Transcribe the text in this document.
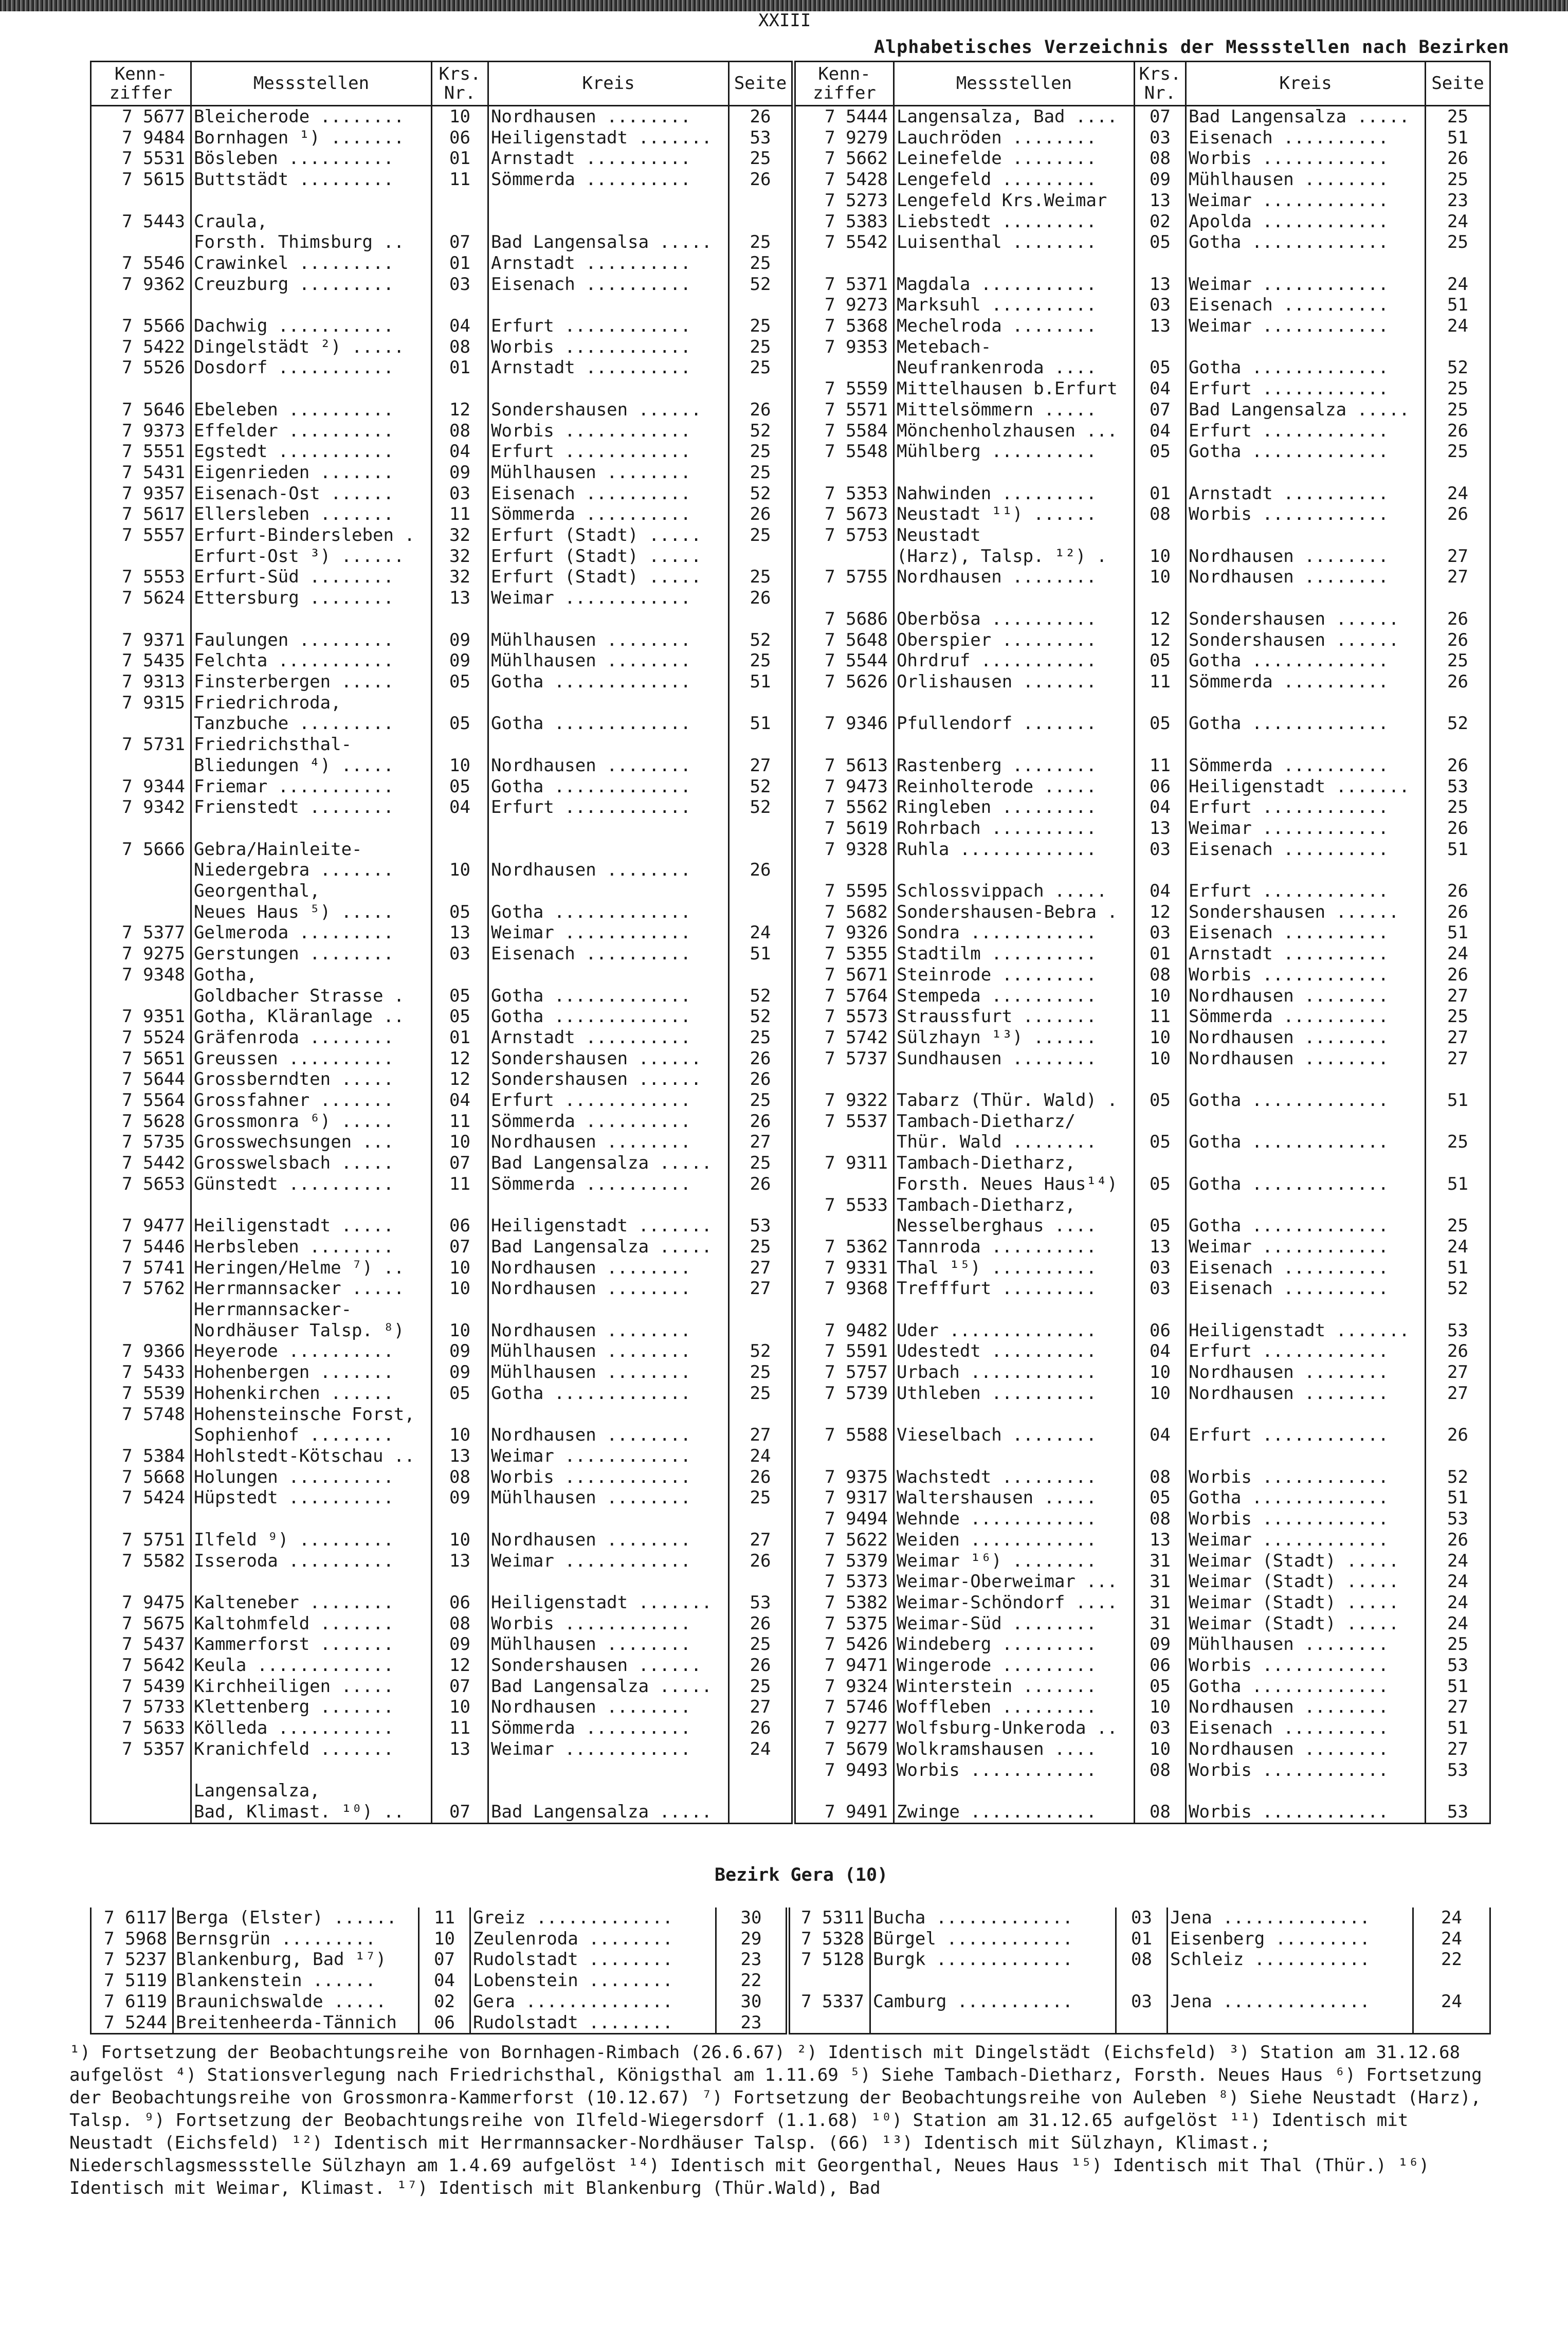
XXIII
Alphabetisches Verzeichnis der Messstellen nach Bezirken
Kenn-ziffer	Messstellen	Krs. Nr.	Kreis	Seite	Kenn-ziffer	Messstellen	Krs. Nr.	Kreis	Seite
7 5677	Bleicherode ........	10	Nordhausen ........	26	7 5444	Langensalza, Bad ....	07	Bad Langensalza .....	25
7 9484	Bornhagen ¹) .......	06	Heiligenstadt .......	53	7 9279	Lauchröden ........	03	Eisenach ..........	51
7 5531	Bösleben ..........	01	Arnstadt ..........	25	7 5662	Leinefelde ........	08	Worbis ............	26
7 5615	Buttstädt .........	11	Sömmerda ..........	26	7 5428	Lengefeld .........	09	Mühlhausen ........	25
					7 5273	Lengefeld Krs.Weimar	13	Weimar ............	23
7 5443	Craula,				7 5383	Liebstedt .........	02	Apolda ............	24
	Forsth. Thimsburg ..	07	Bad Langensalsa .....	25	7 5542	Luisenthal ........	05	Gotha .............	25
7 5546	Crawinkel .........	01	Arnstadt ..........	25					
7 9362	Creuzburg .........	03	Eisenach ..........	52	7 5371	Magdala ...........	13	Weimar ............	24
					7 9273	Marksuhl ..........	03	Eisenach ..........	51
7 5566	Dachwig ...........	04	Erfurt ............	25	7 5368	Mechelroda ........	13	Weimar ............	24
7 5422	Dingelstädt ²) .....	08	Worbis ............	25	7 9353	Metebach-			
7 5526	Dosdorf ...........	01	Arnstadt ..........	25		Neufrankenroda ....	05	Gotha .............	52
					7 5559	Mittelhausen b.Erfurt	04	Erfurt ............	25
7 5646	Ebeleben ..........	12	Sondershausen ......	26	7 5571	Mittelsömmern .....	07	Bad Langensalza .....	25
7 9373	Effelder ..........	08	Worbis ............	52	7 5584	Mönchenholzhausen ...	04	Erfurt ............	26
7 5551	Egstedt ...........	04	Erfurt ............	25	7 5548	Mühlberg ..........	05	Gotha .............	25
7 5431	Eigenrieden .......	09	Mühlhausen ........	25					
7 9357	Eisenach-Ost ......	03	Eisenach ..........	52	7 5353	Nahwinden .........	01	Arnstadt ..........	24
7 5617	Ellersleben .......	11	Sömmerda ..........	26	7 5673	Neustadt ¹¹) ......	08	Worbis ............	26
7 5557	Erfurt-Bindersleben .	32	Erfurt (Stadt) .....	25	7 5753	Neustadt			
	Erfurt-Ost ³) ......	32	Erfurt (Stadt) .....			(Harz), Talsp. ¹²) .	10	Nordhausen ........	27
7 5553	Erfurt-Süd ........	32	Erfurt (Stadt) .....	25	7 5755	Nordhausen ........	10	Nordhausen ........	27
7 5624	Ettersburg ........	13	Weimar ............	26					
					7 5686	Oberbösa ..........	12	Sondershausen ......	26
7 9371	Faulungen .........	09	Mühlhausen ........	52	7 5648	Oberspier .........	12	Sondershausen ......	26
7 5435	Felchta ...........	09	Mühlhausen ........	25	7 5544	Ohrdruf ...........	05	Gotha .............	25
7 9313	Finsterbergen .....	05	Gotha .............	51	7 5626	Orlishausen .......	11	Sömmerda ..........	26
7 9315	Friedrichroda,								
	Tanzbuche .........	05	Gotha .............	51	7 9346	Pfullendorf .......	05	Gotha .............	52
7 5731	Friedrichsthal-								
	Bliedungen ⁴) .....	10	Nordhausen ........	27	7 5613	Rastenberg ........	11	Sömmerda ..........	26
7 9344	Friemar ...........	05	Gotha .............	52	7 9473	Reinholterode .....	06	Heiligenstadt .......	53
7 9342	Frienstedt ........	04	Erfurt ............	52	7 5562	Ringleben .........	04	Erfurt ............	25
					7 5619	Rohrbach ..........	13	Weimar ............	26
7 5666	Gebra/Hainleite-				7 9328	Ruhla .............	03	Eisenach ..........	51
	Niedergebra .......	10	Nordhausen ........	26					
	Georgenthal,				7 5595	Schlossvippach .....	04	Erfurt ............	26
	Neues Haus ⁵) .....	05	Gotha .............		7 5682	Sondershausen-Bebra .	12	Sondershausen ......	26
7 5377	Gelmeroda .........	13	Weimar ............	24	7 9326	Sondra ............	03	Eisenach ..........	51
7 9275	Gerstungen ........	03	Eisenach ..........	51	7 5355	Stadtilm ..........	01	Arnstadt ..........	24
7 9348	Gotha,				7 5671	Steinrode .........	08	Worbis ............	26
	Goldbacher Strasse .	05	Gotha .............	52	7 5764	Stempeda ..........	10	Nordhausen ........	27
7 9351	Gotha, Kläranlage ..	05	Gotha .............	52	7 5573	Straussfurt .......	11	Sömmerda ..........	25
7 5524	Gräfenroda ........	01	Arnstadt ..........	25	7 5742	Sülzhayn ¹³) ......	10	Nordhausen ........	27
7 5651	Greussen ..........	12	Sondershausen ......	26	7 5737	Sundhausen ........	10	Nordhausen ........	27
7 5644	Grossberndten .....	12	Sondershausen ......	26					
7 5564	Grossfahner .......	04	Erfurt ............	25	7 9322	Tabarz (Thür. Wald) .	05	Gotha .............	51
7 5628	Grossmonra ⁶) .....	11	Sömmerda ..........	26	7 5537	Tambach-Dietharz/			
7 5735	Grosswechsungen ...	10	Nordhausen ........	27		Thür. Wald ........	05	Gotha .............	25
7 5442	Grosswelsbach .....	07	Bad Langensalza .....	25	7 9311	Tambach-Dietharz,			
7 5653	Günstedt ..........	11	Sömmerda ..........	26		Forsth. Neues Haus¹⁴)	05	Gotha .............	51
					7 5533	Tambach-Dietharz,			
7 9477	Heiligenstadt .....	06	Heiligenstadt .......	53		Nesselberghaus ....	05	Gotha .............	25
7 5446	Herbsleben ........	07	Bad Langensalza .....	25	7 5362	Tannroda ..........	13	Weimar ............	24
7 5741	Heringen/Helme ⁷) ..	10	Nordhausen ........	27	7 9331	Thal ¹⁵) ..........	03	Eisenach ..........	51
7 5762	Herrmannsacker .....	10	Nordhausen ........	27	7 9368	Trefffurt .........	03	Eisenach ..........	52
	Herrmannsacker-								
	Nordhäuser Talsp. ⁸)	10	Nordhausen ........		7 9482	Uder ..............	06	Heiligenstadt .......	53
7 9366	Heyerode ..........	09	Mühlhausen ........	52	7 5591	Udestedt ..........	04	Erfurt ............	26
7 5433	Hohenbergen .......	09	Mühlhausen ........	25	7 5757	Urbach ............	10	Nordhausen ........	27
7 5539	Hohenkirchen ......	05	Gotha .............	25	7 5739	Uthleben ..........	10	Nordhausen ........	27
7 5748	Hohensteinsche Forst,								
	Sophienhof ........	10	Nordhausen ........	27	7 5588	Vieselbach ........	04	Erfurt ............	26
7 5384	Hohlstedt-Kötschau ..	13	Weimar ............	24					
7 5668	Holungen ..........	08	Worbis ............	26	7 9375	Wachstedt .........	08	Worbis ............	52
7 5424	Hüpstedt ..........	09	Mühlhausen ........	25	7 9317	Waltershausen .....	05	Gotha .............	51
					7 9494	Wehnde ............	08	Worbis ............	53
7 5751	Ilfeld ⁹) .........	10	Nordhausen ........	27	7 5622	Weiden ............	13	Weimar ............	26
7 5582	Isseroda ..........	13	Weimar ............	26	7 5379	Weimar ¹⁶) ........	31	Weimar (Stadt) .....	24
					7 5373	Weimar-Oberweimar ...	31	Weimar (Stadt) .....	24
7 9475	Kalteneber ........	06	Heiligenstadt .......	53	7 5382	Weimar-Schöndorf ....	31	Weimar (Stadt) .....	24
7 5675	Kaltohmfeld .......	08	Worbis ............	26	7 5375	Weimar-Süd ........	31	Weimar (Stadt) .....	24
7 5437	Kammerforst .......	09	Mühlhausen ........	25	7 5426	Windeberg .........	09	Mühlhausen ........	25
7 5642	Keula .............	12	Sondershausen ......	26	7 9471	Wingerode .........	06	Worbis ............	53
7 5439	Kirchheiligen .....	07	Bad Langensalza .....	25	7 9324	Winterstein .......	05	Gotha .............	51
7 5733	Klettenberg .......	10	Nordhausen ........	27	7 5746	Woffleben .........	10	Nordhausen ........	27
7 5633	Kölleda ...........	11	Sömmerda ..........	26	7 9277	Wolfsburg-Unkeroda ..	03	Eisenach ..........	51
7 5357	Kranichfeld .......	13	Weimar ............	24	7 5679	Wolkramshausen ....	10	Nordhausen ........	27
					7 9493	Worbis ............	08	Worbis ............	53
	Langensalza,								
	Bad, Klimast. ¹⁰) ..	07	Bad Langensalza .....		7 9491	Zwinge ............	08	Worbis ............	53
Bezirk Gera (10)
7 6117	Berga (Elster) ......	11	Greiz .............	30	7 5311	Bucha .............	03	Jena ..............	24
7 5968	Bernsgrün .........	10	Zeulenroda ........	29	7 5328	Bürgel ............	01	Eisenberg .........	24
7 5237	Blankenburg, Bad ¹⁷)	07	Rudolstadt ........	23	7 5128	Burgk .............	08	Schleiz ...........	22
7 5119	Blankenstein ......	04	Lobenstein ........	22					
7 6119	Braunichswalde .....	02	Gera ..............	30	7 5337	Camburg ...........	03	Jena ..............	24
7 5244	Breitenheerda-Tännich	06	Rudolstadt ........	23					
¹) Fortsetzung der Beobachtungsreihe von Bornhagen-Rimbach (26.6.67) ²) Identisch mit Dingelstädt (Eichsfeld) ³) Station am 31.12.68 aufgelöst ⁴) Stationsverlegung nach Friedrichsthal, Königsthal am 1.11.69 ⁵) Siehe Tambach-Dietharz, Forsth. Neues Haus ⁶) Fortsetzung der Beobachtungsreihe von Grossmonra-Kammerforst (10.12.67) ⁷) Fortsetzung der Beobachtungsreihe von Auleben ⁸) Siehe Neustadt (Harz), Talsp. ⁹) Fortsetzung der Beobachtungsreihe von Ilfeld-Wiegersdorf (1.1.68) ¹⁰) Station am 31.12.65 aufgelöst ¹¹) Identisch mit Neustadt (Eichsfeld) ¹²) Identisch mit Herrmannsacker-Nordhäuser Talsp. (66) ¹³) Identisch mit Sülzhayn, Klimast.; Niederschlagsmessstelle Sülzhayn am 1.4.69 aufgelöst ¹⁴) Identisch mit Georgenthal, Neues Haus ¹⁵) Identisch mit Thal (Thür.) ¹⁶) Identisch mit Weimar, Klimast. ¹⁷) Identisch mit Blankenburg (Thür.Wald), Bad
